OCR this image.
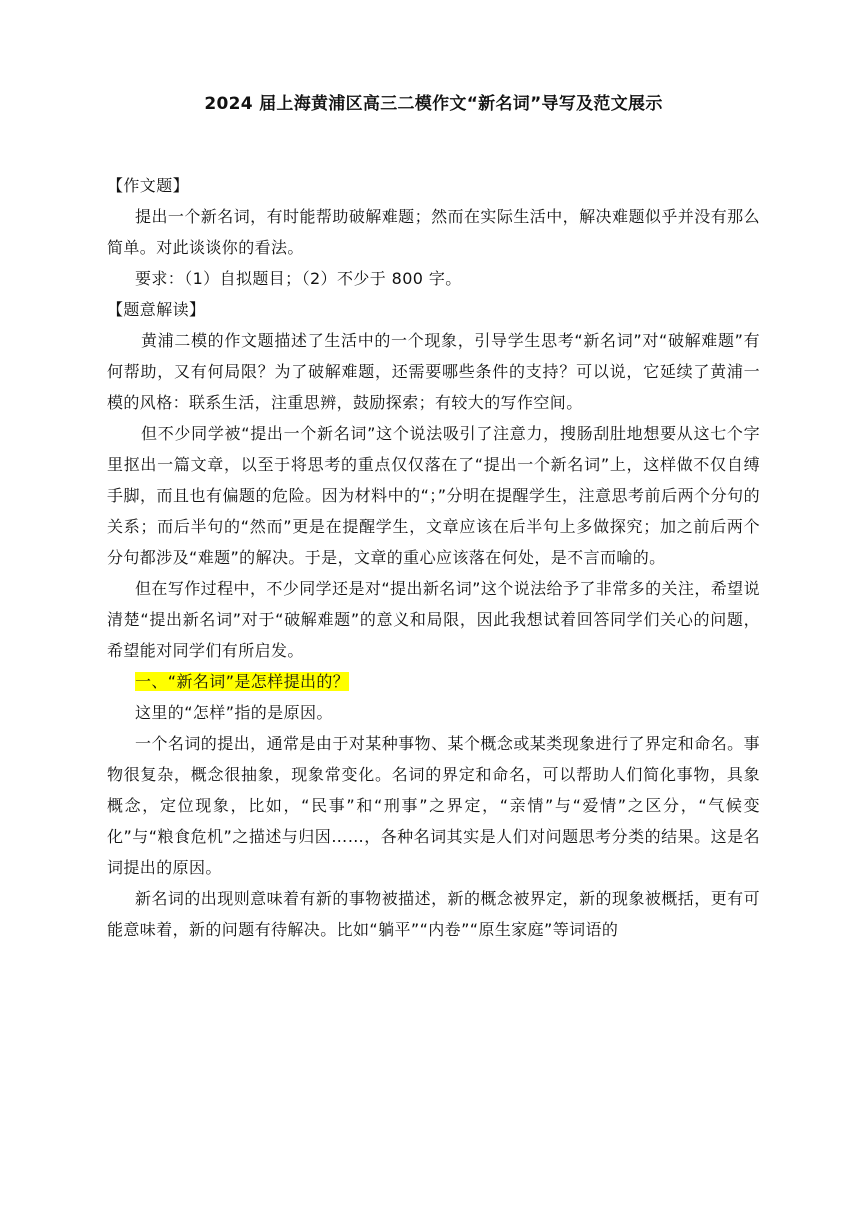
2024 届上海黄浦区高三二模作文“新名词”导写及范文展示

【作文题】

提出一个新名词，有时能帮助破解难题；然而在实际生活中，解决难题似乎并没有那么简单。对此谈谈你的看法。

要求：（1）自拟题目；（2）不少于 800 字。

【题意解读】

黄浦二模的作文题描述了生活中的一个现象，引导学生思考“新名词”对“破解难题”有何帮助，又有何局限？为了破解难题，还需要哪些条件的支持？可以说，它延续了黄浦一模的风格：联系生活，注重思辨，鼓励探索；有较大的写作空间。

但不少同学被“提出一个新名词”这个说法吸引了注意力，搜肠刮肚地想要从这七个字里抠出一篇文章，以至于将思考的重点仅仅落在了“提出一个新名词”上，这样做不仅自缚手脚，而且也有偏题的危险。因为材料中的“；”分明在提醒学生，注意思考前后两个分句的关系；而后半句的“然而”更是在提醒学生，文章应该在后半句上多做探究；加之前后两个分句都涉及“难题”的解决。于是，文章的重心应该落在何处，是不言而喻的。

但在写作过程中，不少同学还是对“提出新名词”这个说法给予了非常多的关注，希望说清楚“提出新名词”对于“破解难题”的意义和局限，因此我想试着回答同学们关心的问题，希望能对同学们有所启发。

一、“新名词”是怎样提出的？

这里的“怎样”指的是原因。

一个名词的提出，通常是由于对某种事物、某个概念或某类现象进行了界定和命名。事物很复杂，概念很抽象，现象常变化。名词的界定和命名，可以帮助人们简化事物，具象概念，定位现象，比如，“民事”和“刑事”之界定，“亲情”与“爱情”之区分，“气候变化”与“粮食危机”之描述与归因……，各种名词其实是人们对问题思考分类的结果。这是名词提出的原因。

新名词的出现则意味着有新的事物被描述，新的概念被界定，新的现象被概括，更有可能意味着，新的问题有待解决。比如“躺平”“内卷”“原生家庭”等词语的
